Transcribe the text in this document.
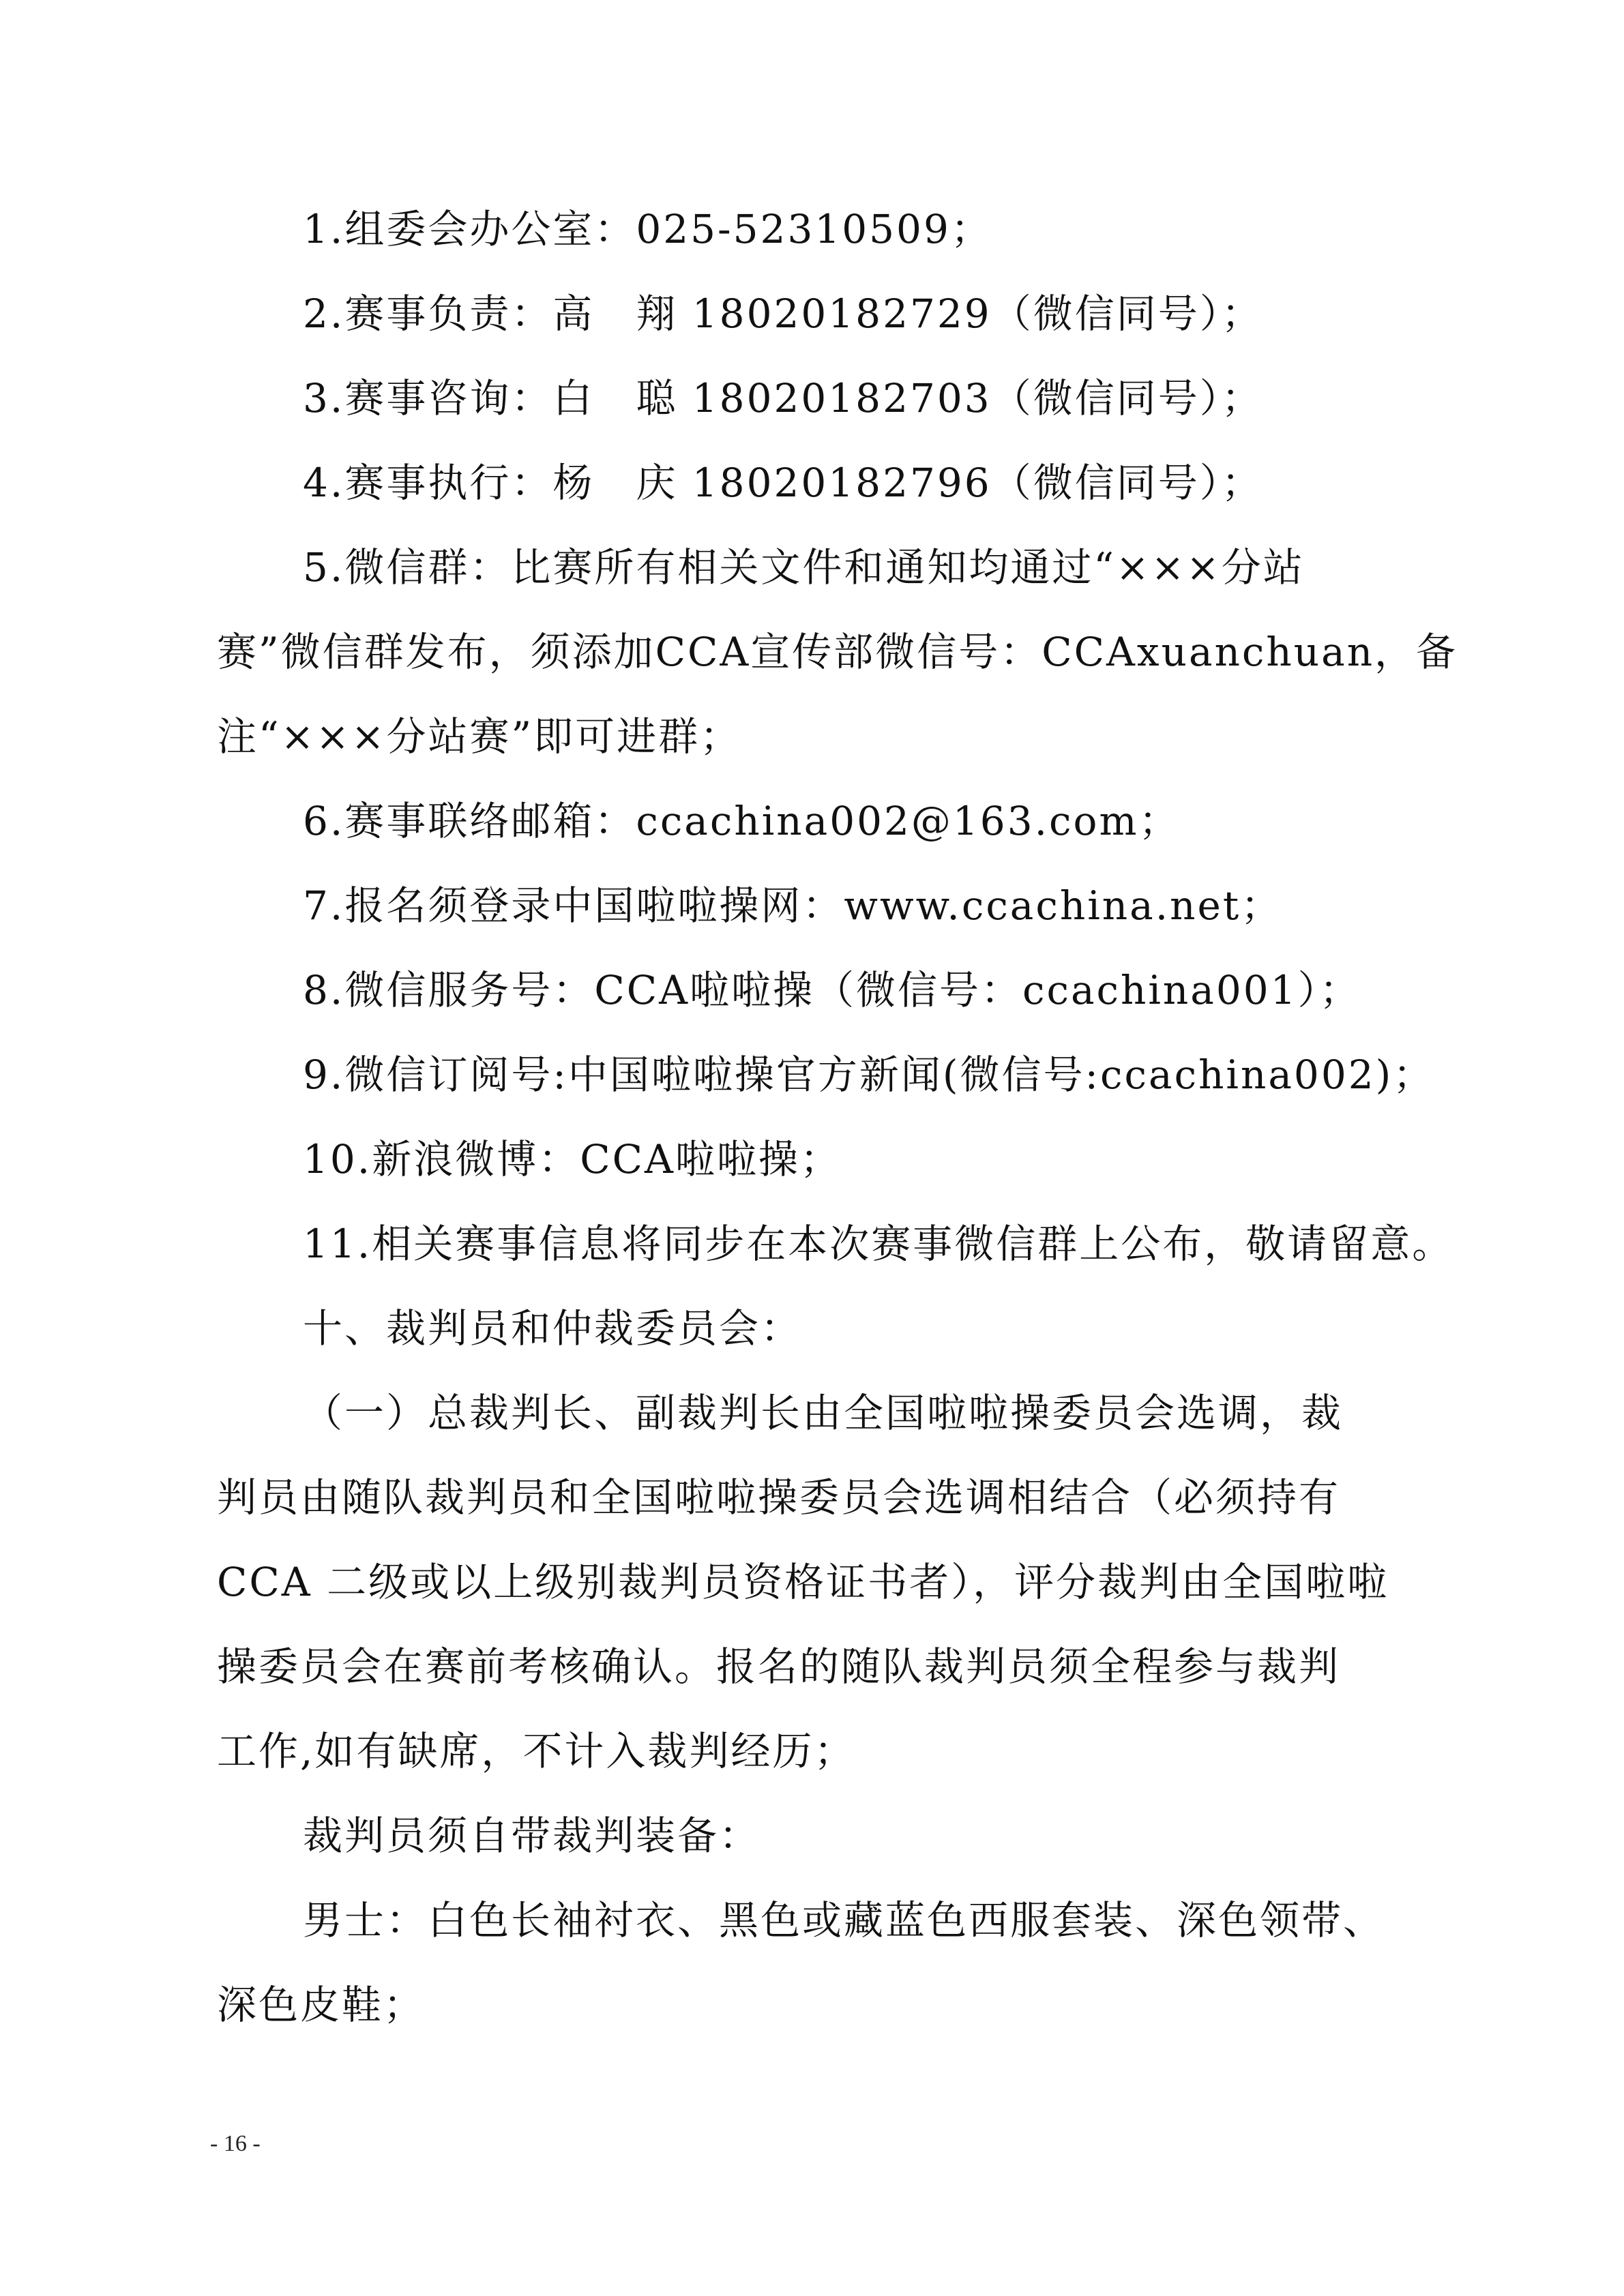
1.组委会办公室：025-52310509；
2.赛事负责：高　翔 18020182729（微信同号）；
3.赛事咨询：白　聪 18020182703（微信同号）；
4.赛事执行：杨　庆 18020182796（微信同号）；
5.微信群：比赛所有相关文件和通知均通过“×××分站
赛”微信群发布，须添加CCA宣传部微信号：CCAxuanchuan，备
注“×××分站赛”即可进群；
6.赛事联络邮箱：ccachina002@163.com；
7.报名须登录中国啦啦操网：www.ccachina.net；
8.微信服务号：CCA啦啦操（微信号：ccachina001）；
9.微信订阅号:中国啦啦操官方新闻(微信号:ccachina002)；
10.新浪微博：CCA啦啦操；
11.相关赛事信息将同步在本次赛事微信群上公布，敬请留意。
十、裁判员和仲裁委员会：
（一）总裁判长、副裁判长由全国啦啦操委员会选调，裁
判员由随队裁判员和全国啦啦操委员会选调相结合（必须持有
CCA 二级或以上级别裁判员资格证书者），评分裁判由全国啦啦
操委员会在赛前考核确认。报名的随队裁判员须全程参与裁判
工作,如有缺席，不计入裁判经历；
裁判员须自带裁判装备：
男士：白色长袖衬衣、黑色或藏蓝色西服套装、深色领带、
深色皮鞋；
- 16 -
